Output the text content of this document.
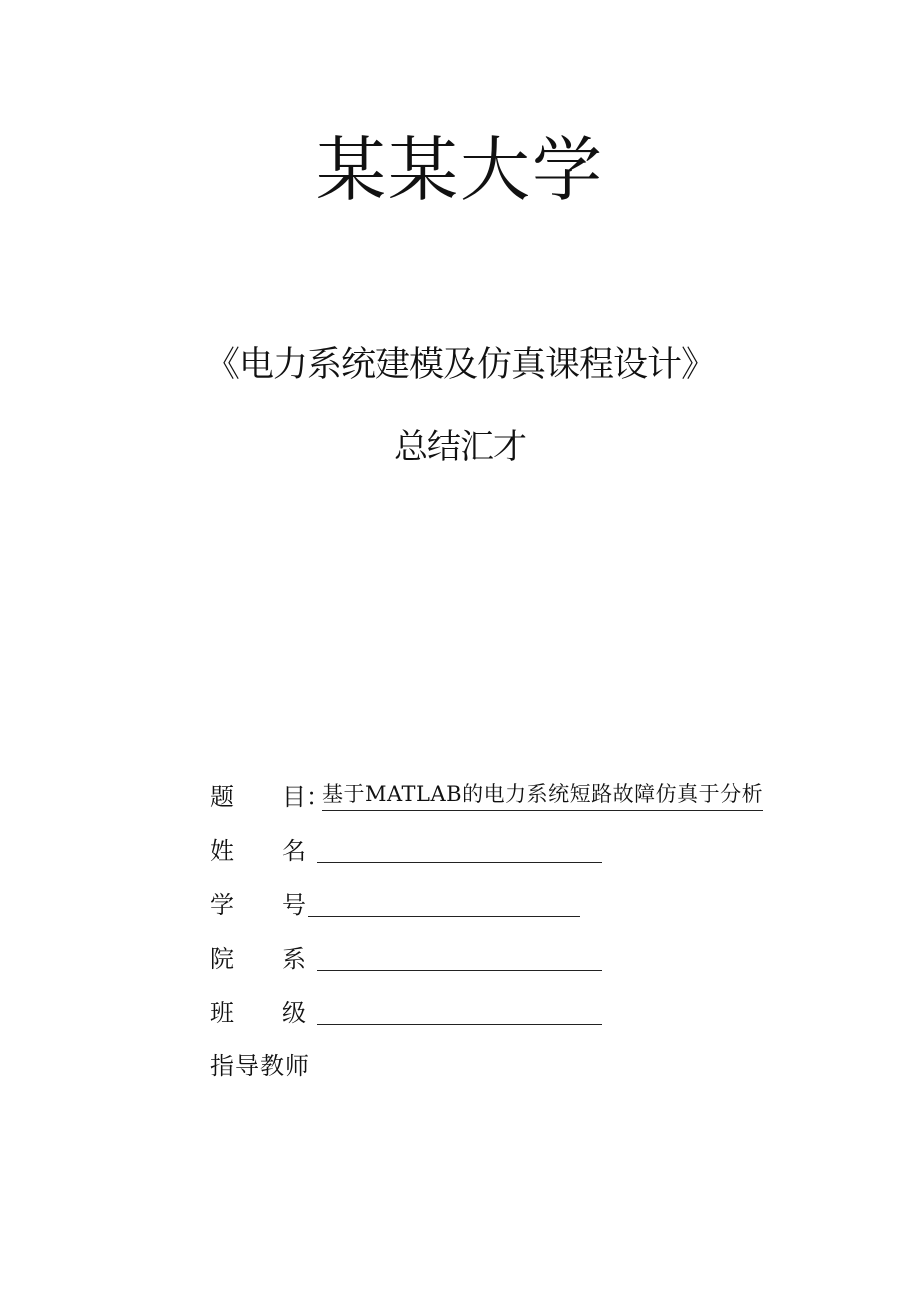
某某大学
《电力系统建模及仿真课程设计》
总结汇才
题 目：
基于MATLAB的电力系统短路故障仿真于分析
姓 名
学 号
院 系
班 级
指导教师
